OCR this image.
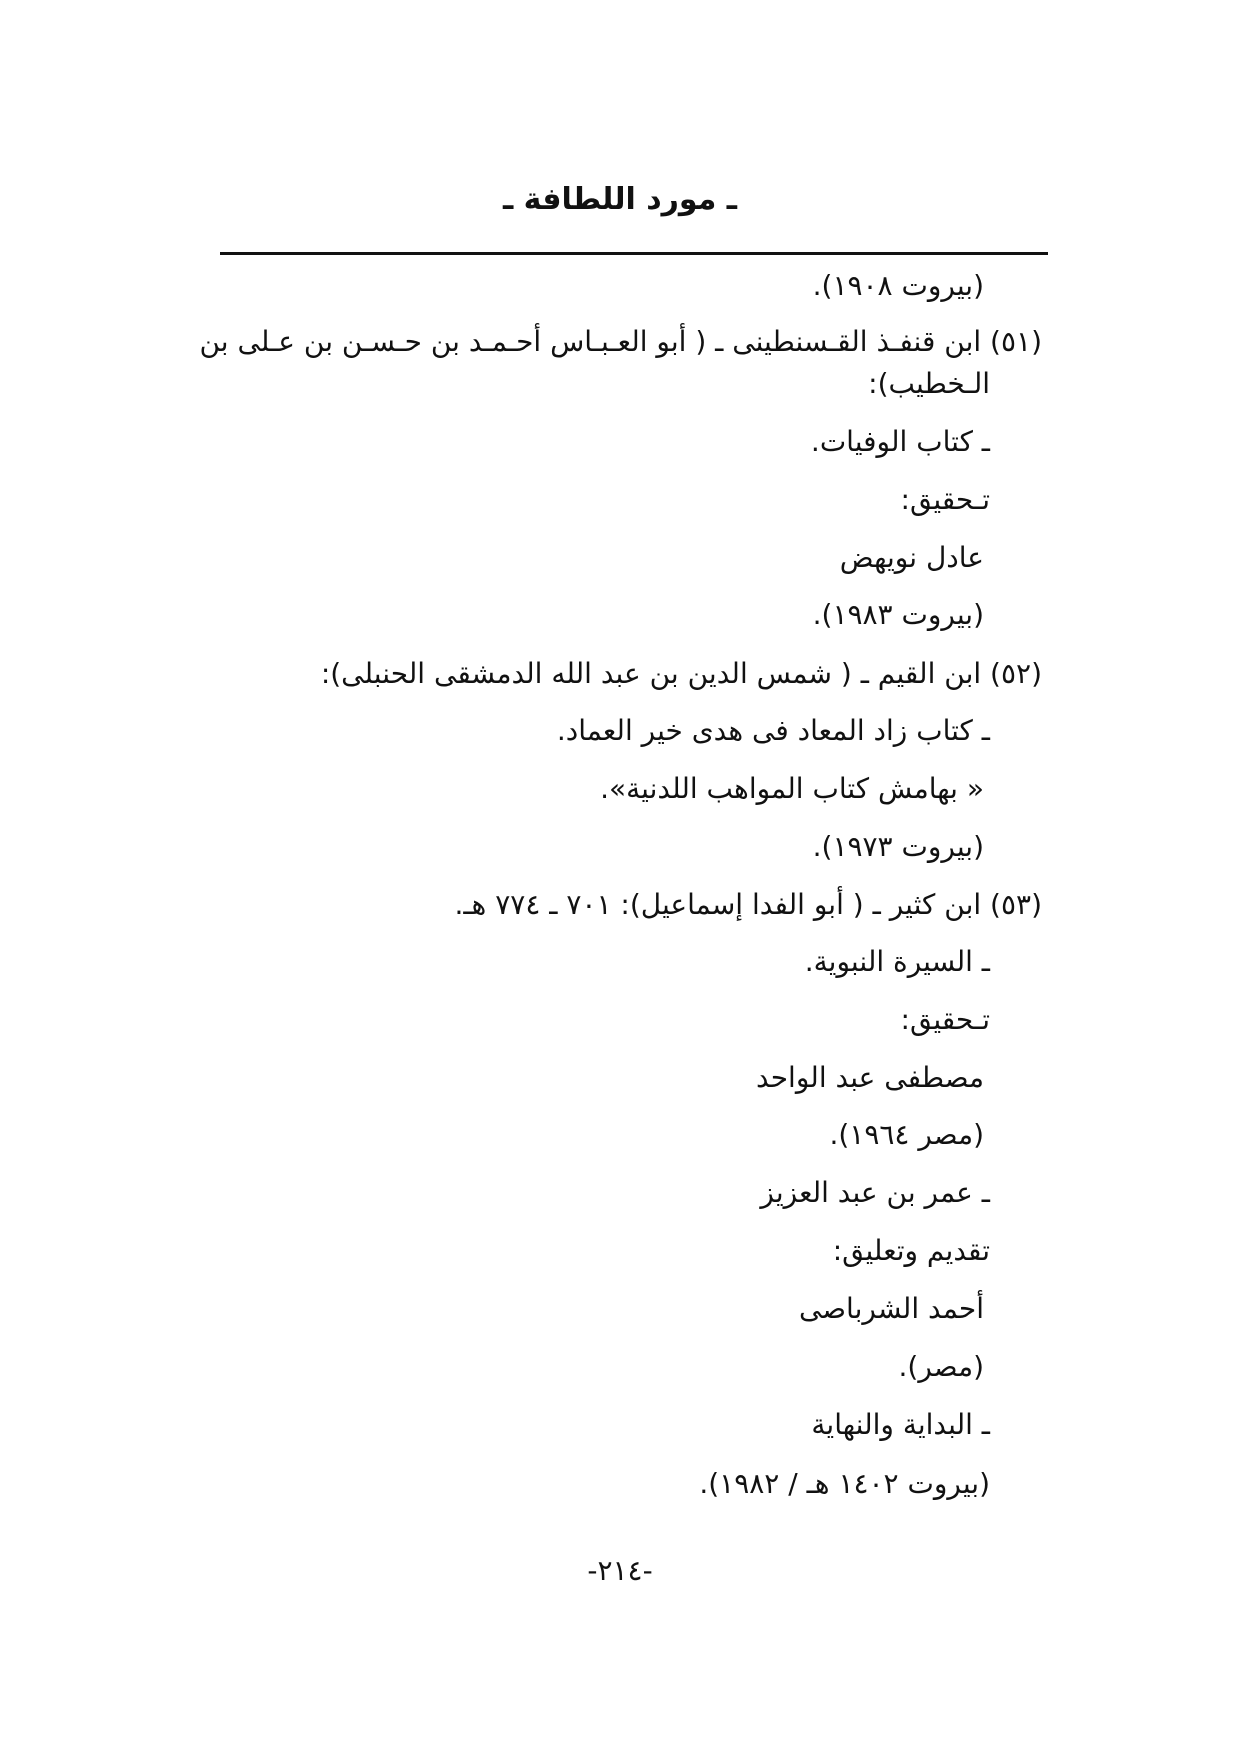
ـ مورد اللطافة ـ
(بيروت ١٩٠٨).
(٥١) ابن قنفـذ القـسنطينى ـ ( أبو العـبـاس أحـمـد بن حـسـن بن عـلى بن
الـخطيب):
ـ كتاب الوفيات.
تـحقيق:
عادل نويهض
(بيروت ١٩٨٣).
(٥٢) ابن القيم ـ ( شمس الدين بن عبد الله الدمشقى الحنبلى):
ـ كتاب زاد المعاد فى هدى خير العماد.
« بهامش كتاب المواهب اللدنية».
(بيروت ١٩٧٣).
(٥٣) ابن كثير ـ ( أبو الفدا إسماعيل): ٧٠١ ـ ٧٧٤ هـ.
ـ السيرة النبوية.
تـحقيق:
مصطفى عبد الواحد
(مصر ١٩٦٤).
ـ عمر بن عبد العزيز
تقديم وتعليق:
أحمد الشرباصى
(مصر).
ـ البداية والنهاية
(بيروت ١٤٠٢ هـ / ١٩٨٢).
-٢١٤-
